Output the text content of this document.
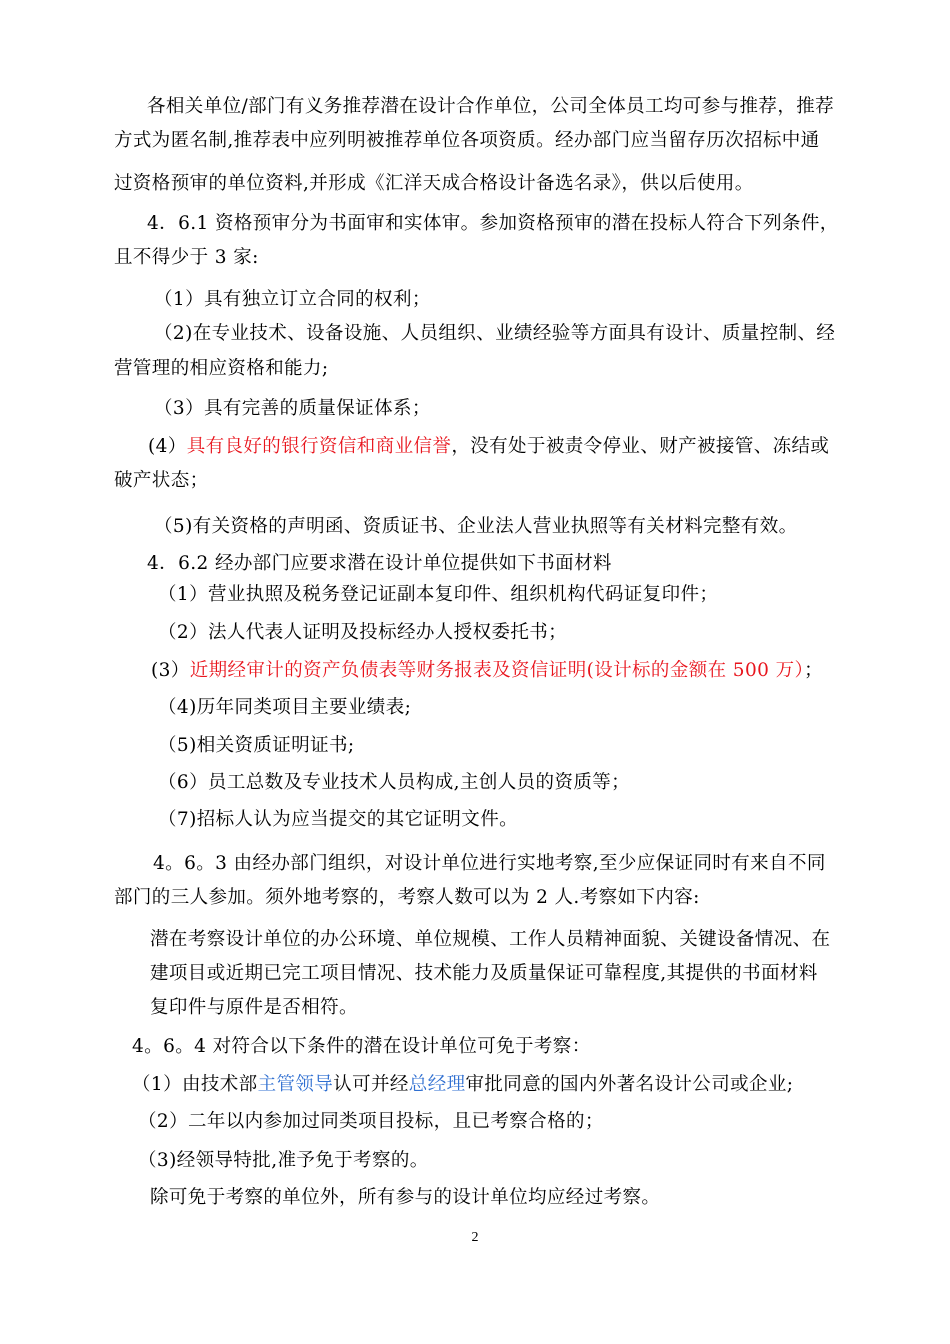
各相关单位/部门有义务推荐潜在设计合作单位，公司全体员工均可参与推荐，推荐
方式为匿名制,推荐表中应列明被推荐单位各项资质。经办部门应当留存历次招标中通
过资格预审的单位资料,并形成《汇洋天成合格设计备选名录》，供以后使用。
4．6.1 资格预审分为书面审和实体审。参加资格预审的潜在投标人符合下列条件，
且不得少于 3 家:
（1）具有独立订立合同的权利；
（2)在专业技术、设备设施、人员组织、业绩经验等方面具有设计、质量控制、经
营管理的相应资格和能力;
（3）具有完善的质量保证体系；
(4）具有良好的银行资信和商业信誉，没有处于被责令停业、财产被接管、冻结或
破产状态；
（5)有关资格的声明函、资质证书、企业法人营业执照等有关材料完整有效。
4．6.2 经办部门应要求潜在设计单位提供如下书面材料
（1）营业执照及税务登记证副本复印件、组织机构代码证复印件；
（2）法人代表人证明及投标经办人授权委托书；
(3）近期经审计的资产负债表等财务报表及资信证明(设计标的金额在 500 万）；
（4)历年同类项目主要业绩表;
（5)相关资质证明证书;
（6）员工总数及专业技术人员构成,主创人员的资质等；
（7)招标人认为应当提交的其它证明文件。
4。6。3 由经办部门组织，对设计单位进行实地考察,至少应保证同时有来自不同
部门的三人参加。须外地考察的，考察人数可以为 2 人.考察如下内容:
潜在考察设计单位的办公环境、单位规模、工作人员精神面貌、关键设备情况、在
建项目或近期已完工项目情况、技术能力及质量保证可靠程度,其提供的书面材料
复印件与原件是否相符。
4。6。4 对符合以下条件的潜在设计单位可免于考察：
（1）由技术部主管领导认可并经总经理审批同意的国内外著名设计公司或企业;
（2）二年以内参加过同类项目投标，且已考察合格的；
（3)经领导特批,准予免于考察的。
除可免于考察的单位外，所有参与的设计单位均应经过考察。
2
